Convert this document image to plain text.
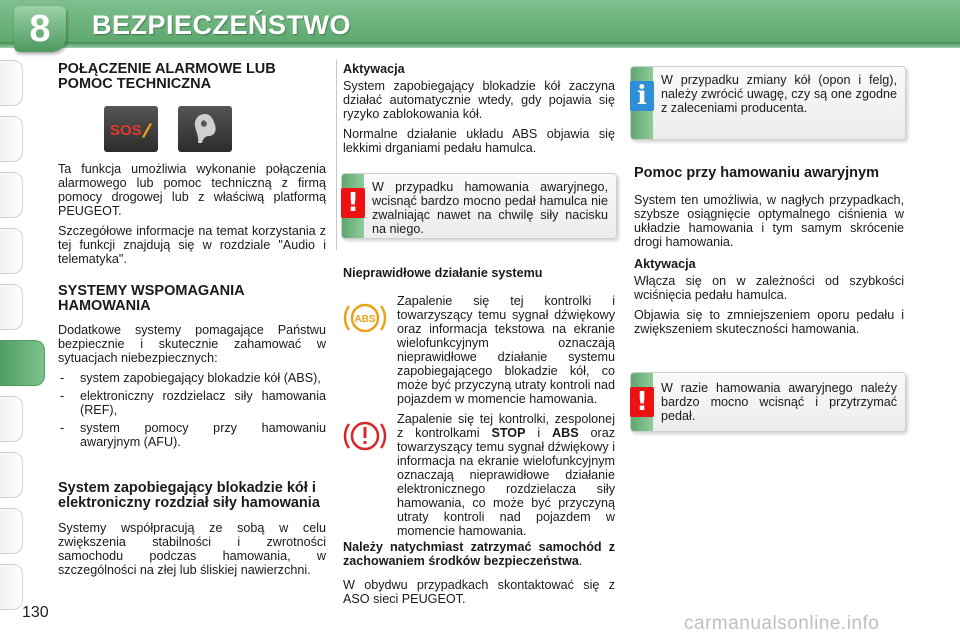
8	BEZPIECZEŃSTWO
POŁĄCZENIE ALARMOWE LUB POMOC TECHNICZNA
SOS

Ta funkcja umożliwia wykonanie połączenia alarmowego lub pomoc techniczną z firmą pomocy drogowej lub z właściwą platformą PEUGEOT.

Szczegółowe informacje na temat korzystania z tej funkcji znajdują się w rozdziale "Audio i telematyka".

SYSTEMY WSPOMAGANIA HAMOWANIA

Dodatkowe systemy pomagające Państwu bezpiecznie i skutecznie zahamować w sytuacjach niebezpiecznych:

- system zapobiegający blokadzie kół (ABS),
- elektroniczny rozdzielacz siły hamowania (REF),
- system pomocy przy hamowaniu awaryjnym (AFU).
System zapobiegający blokadzie kół i elektroniczny rozdział siły hamowania

Systemy współpracują ze sobą w celu zwiększenia stabilności i zwrotności samochodu podczas hamowania, w szczególności na złej lub śliskiej nawierzchni.

Aktywacja

System zapobiegający blokadzie kół zaczyna działać automatycznie wtedy, gdy pojawia się ryzyko zablokowania kół.

Normalne działanie układu ABS objawia się lekkimi drganiami pedału hamulca.

!
W przypadku hamowania awaryjnego, wcisnąć bardzo mocno pedał hamulca nie zwalniając nawet na chwilę siły nacisku na niego.
Nieprawidłowe działanie systemu
ABS

Zapalenie się tej kontrolki i towarzyszący temu sygnał dźwiękowy oraz informacja tekstowa na ekranie wielofunkcyjnym oznaczają nieprawidłowe działanie systemu zapobiegającego blokadzie kół, co może być przyczyną utraty kontroli nad pojazdem w momencie hamowania.

Zapalenie się tej kontrolki, zespolonej z kontrolkami STOP i ABS oraz towarzyszący temu sygnał dźwiękowy i informacja na ekranie wielofunkcyjnym oznaczają nieprawidłowe działanie elektronicznego rozdzielacza siły hamowania, co może być przyczyną utraty kontroli nad pojazdem w momencie hamowania.

Należy natychmiast zatrzymać samochód z zachowaniem środków bezpieczeństwa.

W obydwu przypadkach skontaktować się z ASO sieci PEUGEOT.

i
W przypadku zmiany kół (opon i felg), należy zwrócić uwagę, czy są one zgodne z zaleceniami producenta.
Pomoc przy hamowaniu awaryjnym

System ten umożliwia, w nagłych przypadkach, szybsze osiągnięcie optymalnego ciśnienia w układzie hamowania i tym samym skrócenie drogi hamowania.

Aktywacja

Włącza się on w zależności od szybkości wciśnięcia pedału hamulca.

Objawia się to zmniejszeniem oporu pedału i zwiększeniem skuteczności hamowania.

!	W razie hamowania awaryjnego należy bardzo mocno wcisnąć i przytrzymać pedał.
130
carmanualsonline.info
